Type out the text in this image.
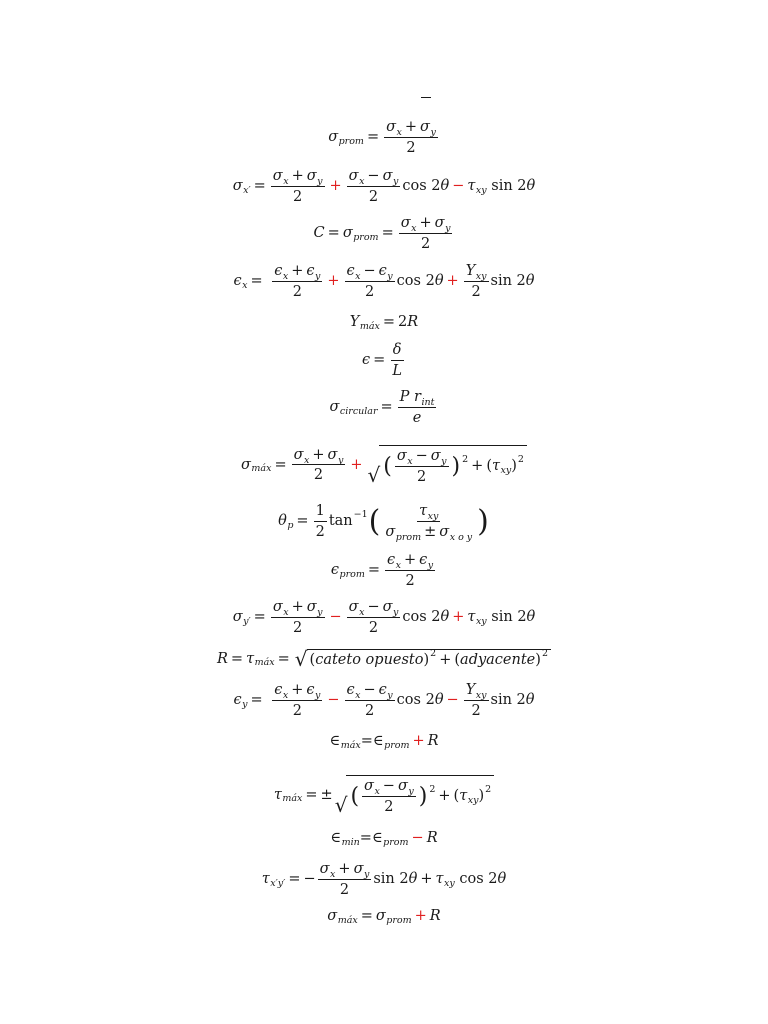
σ prom = $\frac{\sigma_x + \sigma_y}{2}$
σ $x' = \frac{\sigma_x + \sigma_y}{2} + \frac{\sigma_x - \sigma_y}{2}$ cos
2 θ − τ xy
sin
2 θ
C = σ prom = $\frac{\sigma_x + \sigma_y}{2}$
ϵ x =
$\frac{\epsilon_x + \epsilon_y}{2} + \frac{\epsilon_x - \epsilon_y}{2}$ cos
2 $\theta + \frac{Y_{xy}}{2}$ sin
2 θ
Y máx = 2 R
$\epsilon = \frac{\delta}{L}$
σ circular = $\frac{P r_{int}}{e}$
σ máx = $\frac{\sigma_x + \sigma_y}{2}$ + √ ( $\frac{\sigma_x - \sigma_y}{2}$ ) 2 + ( τ xy ) 2
θ $p = \frac{1}{2}$ tan −1 ( $\frac{\tau_{xy}}{\sigma_{prom} \pm \sigma_{x o y}}$ )
ϵ prom = $\frac{\epsilon_x + \epsilon_y}{2}$
σ $y' = \frac{\sigma_x + \sigma_y}{2} - \frac{\sigma_x - \sigma_y}{2}$ cos
2 θ + τ xy
sin
2 θ
R = τ máx = √ ( cateto opuesto ) 2 + ( adyacente ) 2
ϵ y =
$\frac{\epsilon_x + \epsilon_y}{2} - \frac{\epsilon_x - \epsilon_y}{2}$ cos
2 $\theta - \frac{Y_{xy}}{2}$ sin
2 θ
∈ máx = ∈ prom + R
τ máx = ± √ ( $\frac{\sigma_x - \sigma_y}{2}$ ) 2 + ( τ xy ) 2
∈ min = ∈ prom − R
τ x′y′ = − $\frac{\sigma_x + \sigma_y}{2}$ sin
2 θ + τ xy
cos
2 θ
σ máx = σ prom + R
